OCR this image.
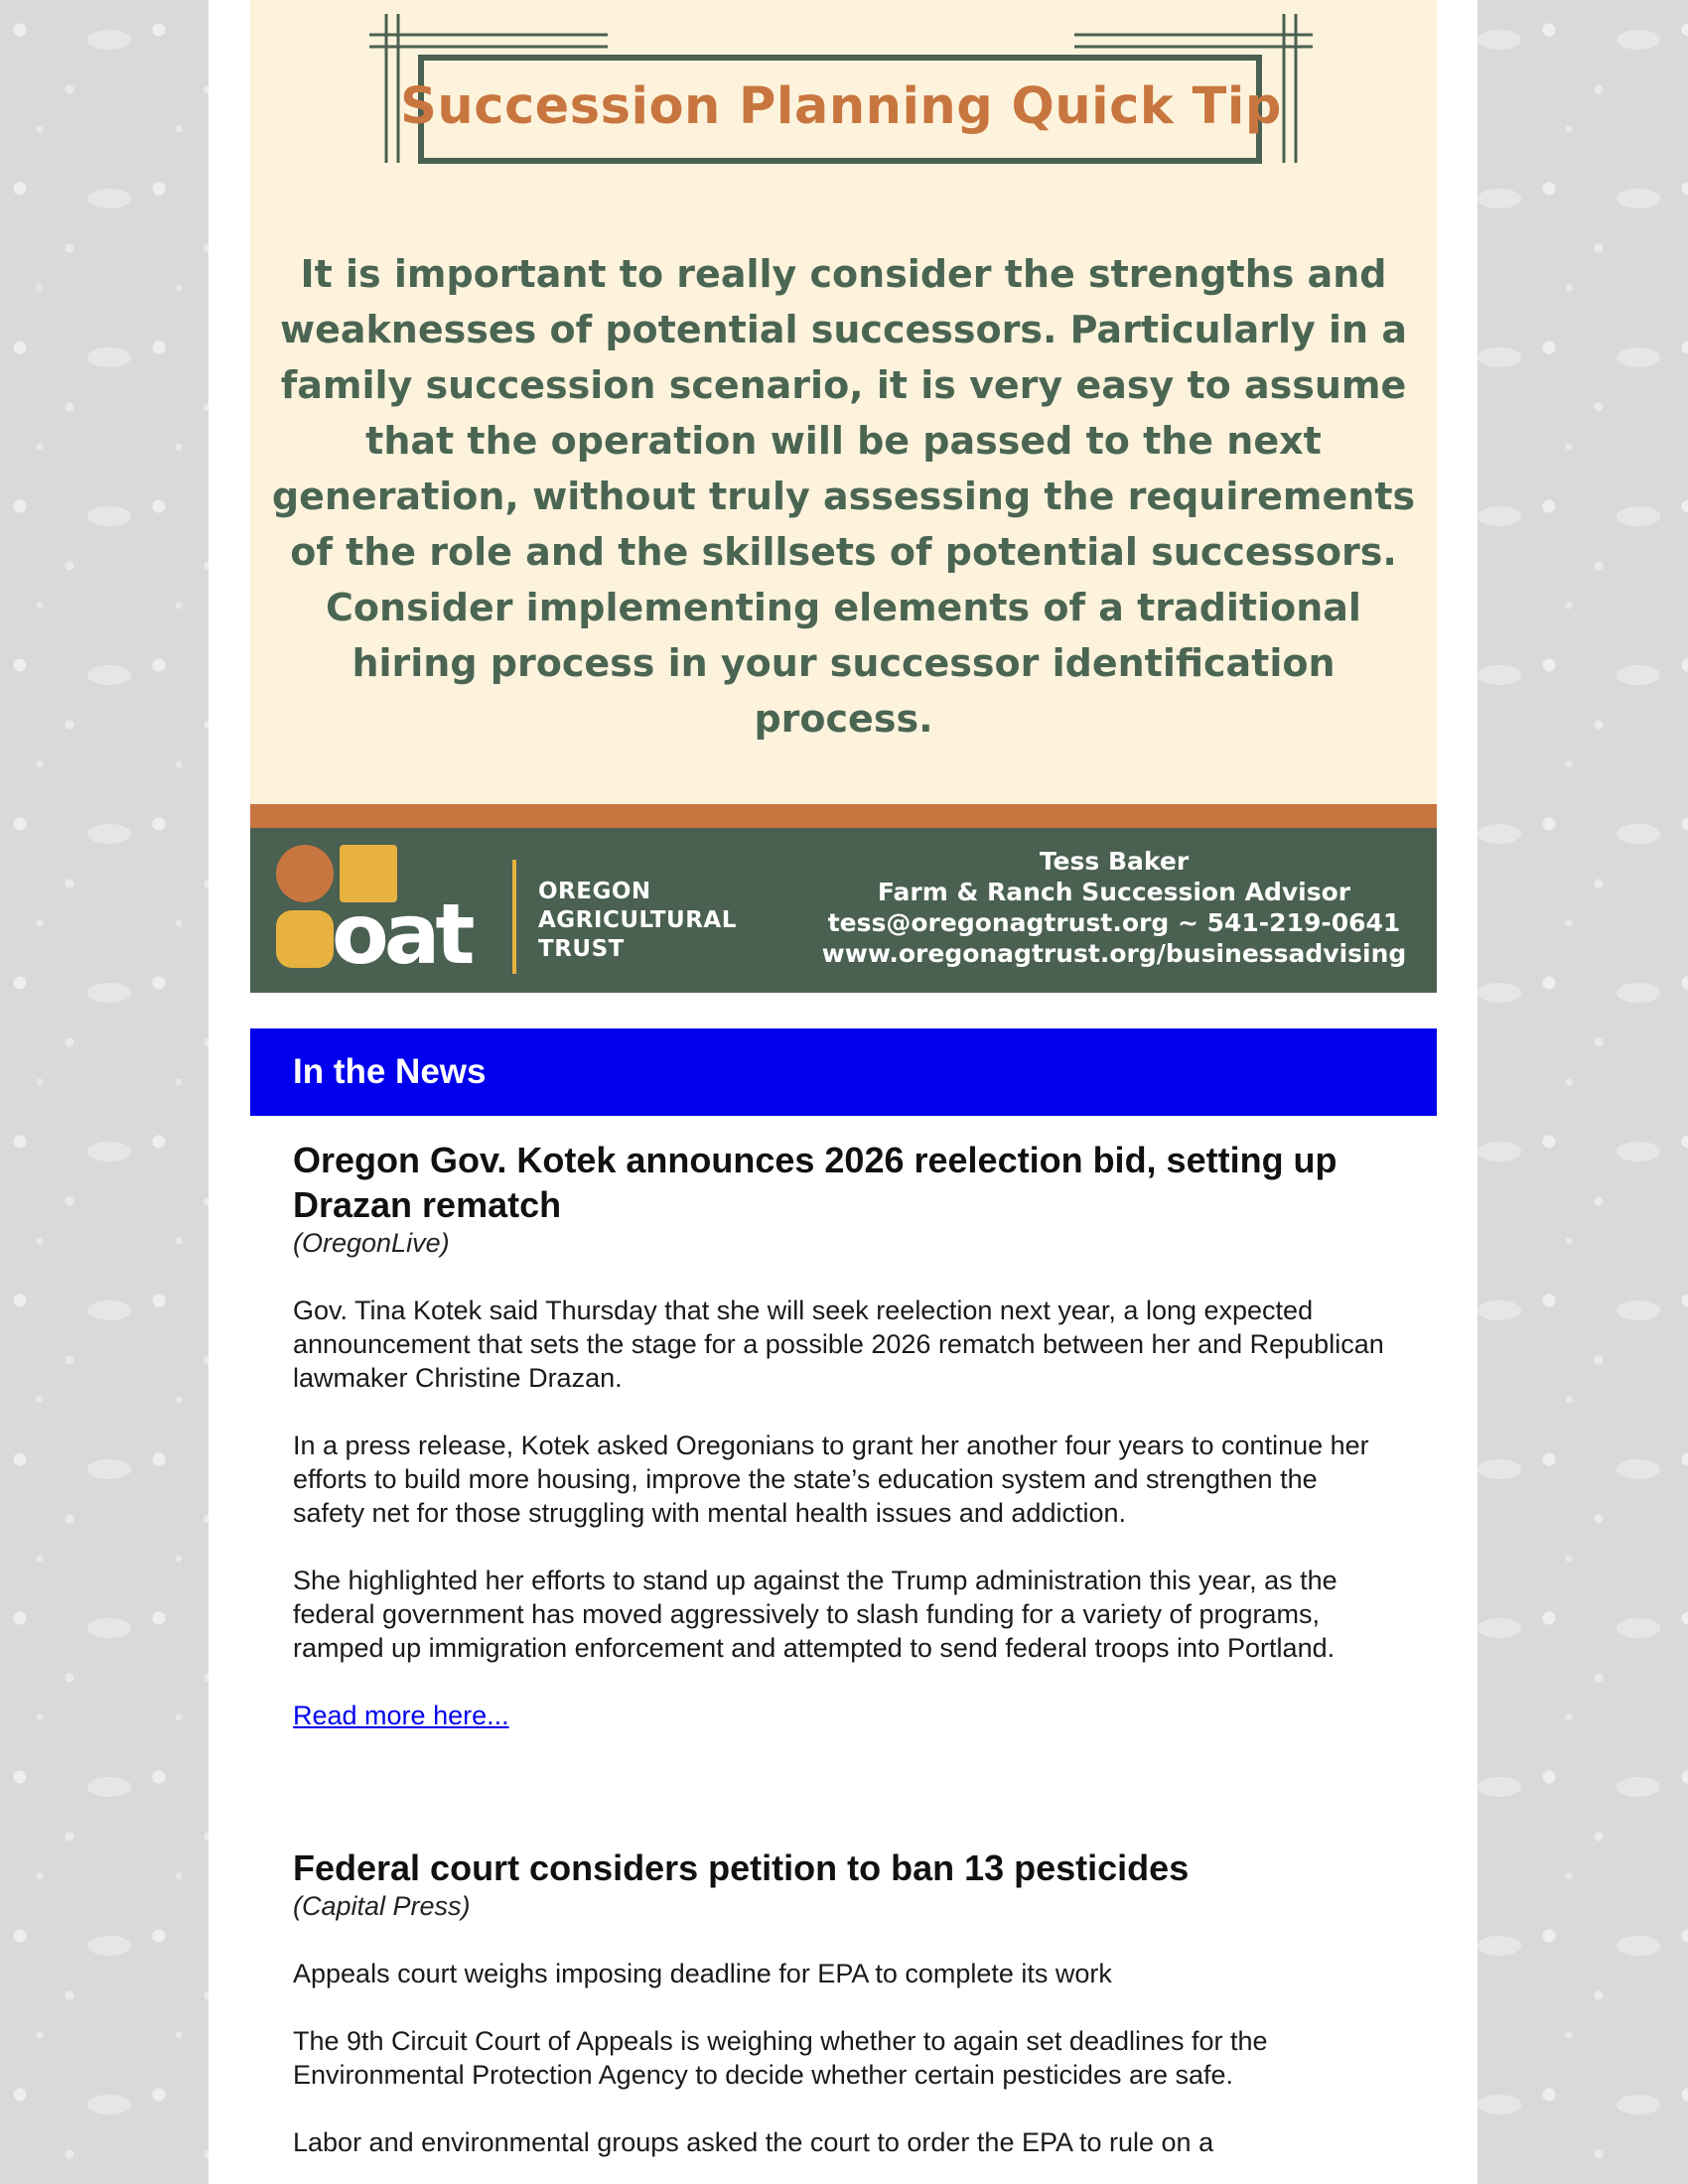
Succession Planning Quick Tip

It is important to really consider the strengths and weaknesses of potential successors. Particularly in a family succession scenario, it is very easy to assume that the operation will be passed to the next generation, without truly assessing the requirements of the role and the skillsets of potential successors. Consider implementing elements of a traditional hiring process in your successor identification process.

oat	OREGON
AGRICULTURAL
TRUST
Tess Baker
Farm & Ranch Succession Advisor
tess@oregonagtrust.org ~ 541-219-0641
www.oregonagtrust.org/businessadvising
In the News
Oregon Gov. Kotek announces 2026 reelection bid, setting up Drazan rematch

(OregonLive)

Gov. Tina Kotek said Thursday that she will seek reelection next year, a long expected announcement that sets the stage for a possible 2026 rematch between her and Republican lawmaker Christine Drazan.

In a press release, Kotek asked Oregonians to grant her another four years to continue her efforts to build more housing, improve the state’s education system and strengthen the safety net for those struggling with mental health issues and addiction.

She highlighted her efforts to stand up against the Trump administration this year, as the federal government has moved aggressively to slash funding for a variety of programs, ramped up immigration enforcement and attempted to send federal troops into Portland.

Read more here...
Federal court considers petition to ban 13 pesticides

(Capital Press)

Appeals court weighs imposing deadline for EPA to complete its work

The 9th Circuit Court of Appeals is weighing whether to again set deadlines for the Environmental Protection Agency to decide whether certain pesticides are safe.

Labor and environmental groups asked the court to order the EPA to rule on a
